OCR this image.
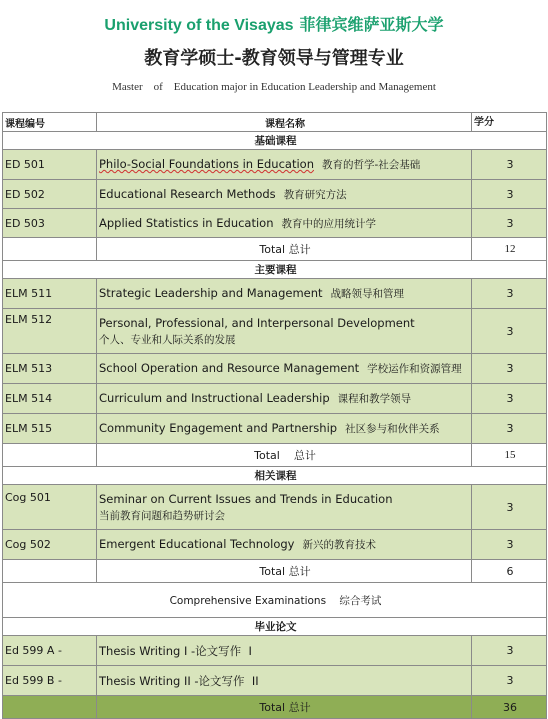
University of the Visayas 菲律宾维萨亚斯大学
教育学硕士-教育领导与管理专业
Master    of    Education major in Education Leadership and Management
课程编号	课程名称	学分
基础课程		
ED 501	Philo-Social Foundations in Education 教育的哲学-社会基础	3
ED 502	Educational Research Methods 教育研究方法	3
ED 503	Applied Statistics in Education 教育中的应用统计学	3
	Total 总计	12
主要课程		
ELM 511	Strategic Leadership and Management 战略领导和管理	3
ELM 512	Personal, Professional, and Interpersonal Development
个人、专业和人际关系的发展	3
ELM 513	School Operation and Resource Management 学校运作和资源管理	3
ELM 514	Curriculum and Instructional Leadership 课程和教学领导	3
ELM 515	Community Engagement and Partnership 社区参与和伙伴关系	3
	Total    总计	15
相关课程		
Cog 501	Seminar on Current Issues and Trends in Education
当前教育问题和趋势研讨会	3
Cog 502	Emergent Educational Technology 新兴的教育技术	3
	Total 总计	6
Comprehensive Examinations    综合考试		
毕业论文		
Ed 599 A -	Thesis Writing I -论文写作  I	3
Ed 599 B -	Thesis Writing II -论文写作  II	3
	Total 总计	36
